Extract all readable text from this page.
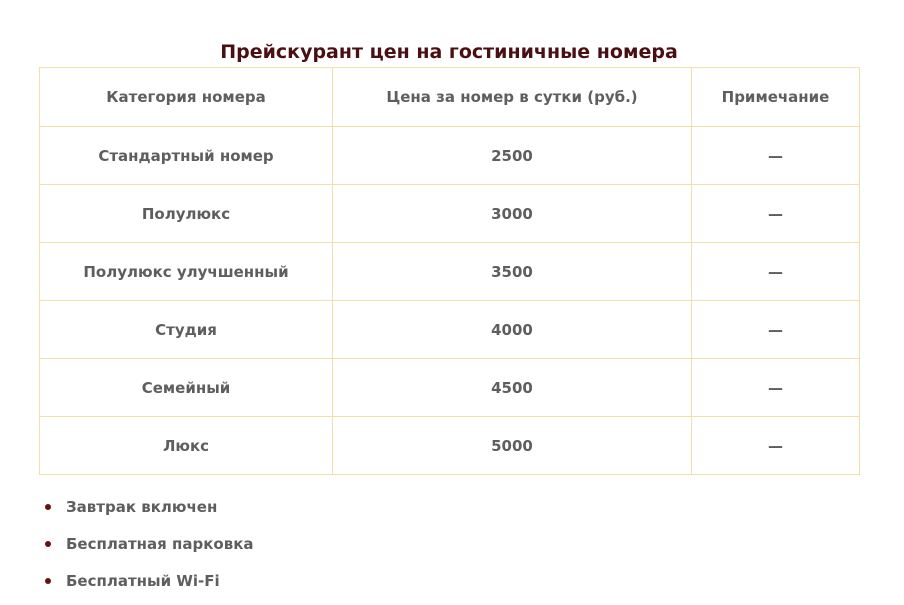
Прейскурант цен на гостиничные номера
Категория номера	Цена за номер в сутки (руб.)	Примечание
Стандартный номер	2500	—
Полулюкс	3000	—
Полулюкс улучшенный	3500	—
Студия	4000	—
Семейный	4500	—
Люкс	5000	—
Завтрак включен
Бесплатная парковка
Бесплатный Wi-Fi
